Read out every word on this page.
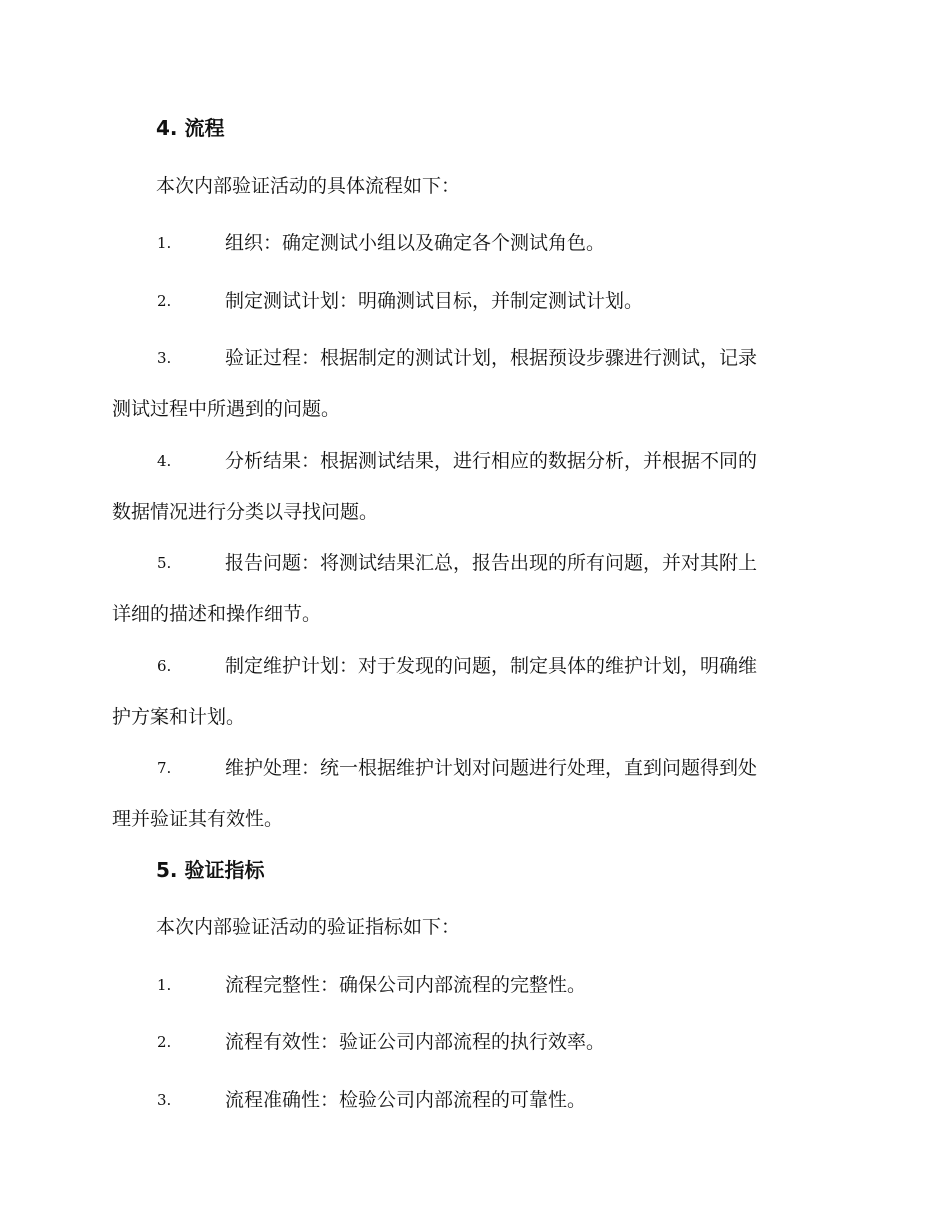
4. 流程
本次内部验证活动的具体流程如下：
1.	组织：确定测试小组以及确定各个测试角色。
2.	制定测试计划：明确测试目标，并制定测试计划。
3.	验证过程：根据制定的测试计划，根据预设步骤进行测试，记录
测试过程中所遇到的问题。
4.	分析结果：根据测试结果，进行相应的数据分析，并根据不同的
数据情况进行分类以寻找问题。
5.	报告问题：将测试结果汇总，报告出现的所有问题，并对其附上
详细的描述和操作细节。
6.	制定维护计划：对于发现的问题，制定具体的维护计划，明确维
护方案和计划。
7.	维护处理：统一根据维护计划对问题进行处理，直到问题得到处
理并验证其有效性。
5. 验证指标
本次内部验证活动的验证指标如下：
1.	流程完整性：确保公司内部流程的完整性。
2.	流程有效性：验证公司内部流程的执行效率。
3.	流程准确性：检验公司内部流程的可靠性。
